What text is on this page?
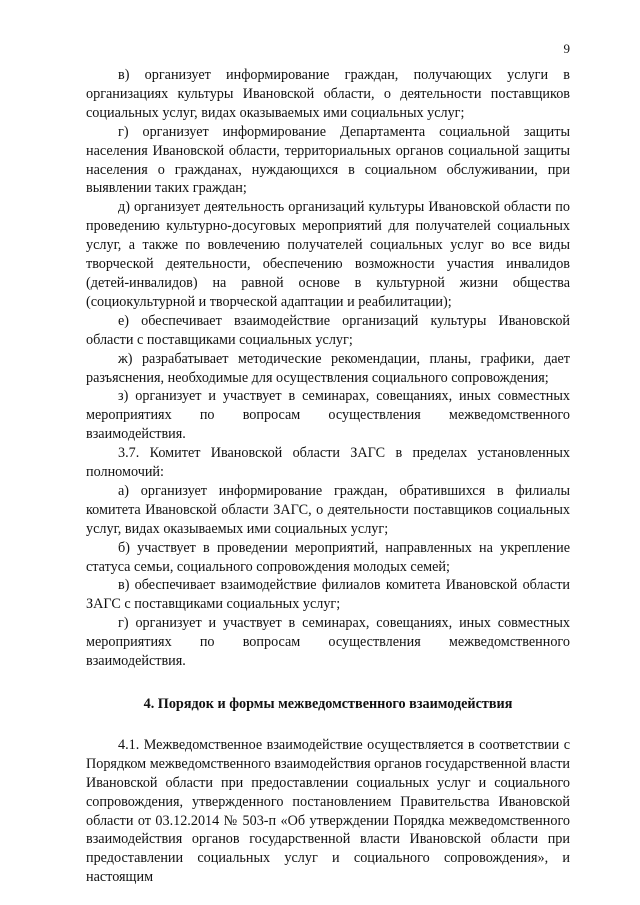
9

в) организует информирование граждан, получающих услуги в организациях культуры Ивановской области, о деятельности поставщиков социальных услуг, видах оказываемых ими социальных услуг;

г) организует информирование Департамента социальной защиты населения Ивановской области, территориальных органов социальной защиты населения о гражданах, нуждающихся в социальном обслуживании, при выявлении таких граждан;

д) организует деятельность организаций культуры Ивановской области по проведению культурно-досуговых мероприятий для получателей социальных услуг, а также по вовлечению получателей социальных услуг во все виды творческой деятельности, обеспечению возможности участия инвалидов (детей-инвалидов) на равной основе в культурной жизни общества (социокультурной и творческой адаптации и реабилитации);

е) обеспечивает взаимодействие организаций культуры Ивановской области с поставщиками социальных услуг;

ж) разрабатывает методические рекомендации, планы, графики, дает разъяснения, необходимые для осуществления социального сопровождения;

з) организует и участвует в семинарах, совещаниях, иных совместных мероприятиях по вопросам осуществления межведомственного взаимодействия.

3.7. Комитет Ивановской области ЗАГС в пределах установленных полномочий:

а) организует информирование граждан, обратившихся в филиалы комитета Ивановской области ЗАГС, о деятельности поставщиков социальных услуг, видах оказываемых ими социальных услуг;

б) участвует в проведении мероприятий, направленных на укрепление статуса семьи, социального сопровождения молодых семей;

в) обеспечивает взаимодействие филиалов комитета Ивановской области ЗАГС с поставщиками социальных услуг;

г) организует и участвует в семинарах, совещаниях, иных совместных мероприятиях по вопросам осуществления межведомственного взаимодействия.

4. Порядок и формы межведомственного взаимодействия

4.1. Межведомственное взаимодействие осуществляется в соответствии с Порядком межведомственного взаимодействия органов государственной власти Ивановской области при предоставлении социальных услуг и социального сопровождения, утвержденного постановлением Правительства Ивановской области от 03.12.2014 № 503-п «Об утверждении Порядка межведомственного взаимодействия органов государственной власти Ивановской области при предоставлении социальных услуг и социального сопровождения», и настоящим
